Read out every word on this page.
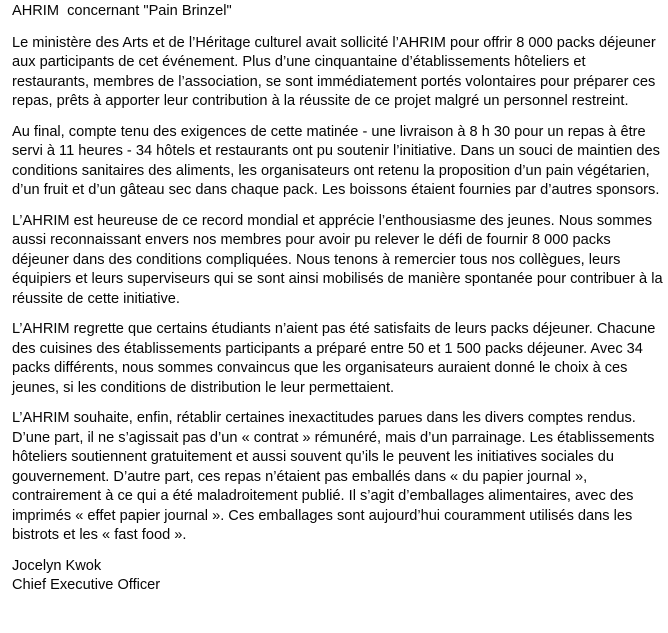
AHRIM  concernant "Pain Brinzel"

Le ministère des Arts et de l’Héritage culturel avait sollicité l’AHRIM pour offrir 8 000 packs déjeuner aux participants de cet événement. Plus d’une cinquantaine d’établissements hôteliers et restaurants, membres de l’association, se sont immédiatement portés volontaires pour préparer ces repas, prêts à apporter leur contribution à la réussite de ce projet malgré un personnel restreint.

Au final, compte tenu des exigences de cette matinée - une livraison à 8 h 30 pour un repas à être servi à 11 heures - 34 hôtels et restaurants ont pu soutenir l’initiative. Dans un souci de maintien des conditions sanitaires des aliments, les organisateurs ont retenu la proposition d’un pain végétarien, d’un fruit et d’un gâteau sec dans chaque pack. Les boissons étaient fournies par d’autres sponsors.

L’AHRIM est heureuse de ce record mondial et apprécie l’enthousiasme des jeunes. Nous sommes aussi reconnaissant envers nos membres pour avoir pu relever le défi de fournir 8 000 packs déjeuner dans des conditions compliquées. Nous tenons à remercier tous nos collègues, leurs équipiers et leurs superviseurs qui se sont ainsi mobilisés de manière spontanée pour contribuer à la réussite de cette initiative.

L’AHRIM regrette que certains étudiants n’aient pas été satisfaits de leurs packs déjeuner. Chacune des cuisines des établissements participants a préparé entre 50 et 1 500 packs déjeuner. Avec 34 packs différents, nous sommes convaincus que les organisateurs auraient donné le choix à ces jeunes, si les conditions de distribution le leur permettaient.

L’AHRIM souhaite, enfin, rétablir certaines inexactitudes parues dans les divers comptes rendus. D’une part, il ne s’agissait pas d’un « contrat » rémunéré, mais d’un parrainage. Les établissements hôteliers soutiennent gratuitement et aussi souvent qu’ils le peuvent les initiatives sociales du gouvernement. D’autre part, ces repas n’étaient pas emballés dans « du papier journal », contrairement à ce qui a été maladroitement publié. Il s’agit d’emballages alimentaires, avec des imprimés « effet papier journal ». Ces emballages sont aujourd’hui couramment utilisés dans les bistrots et les « fast food ».

Jocelyn Kwok
Chief Executive Officer
